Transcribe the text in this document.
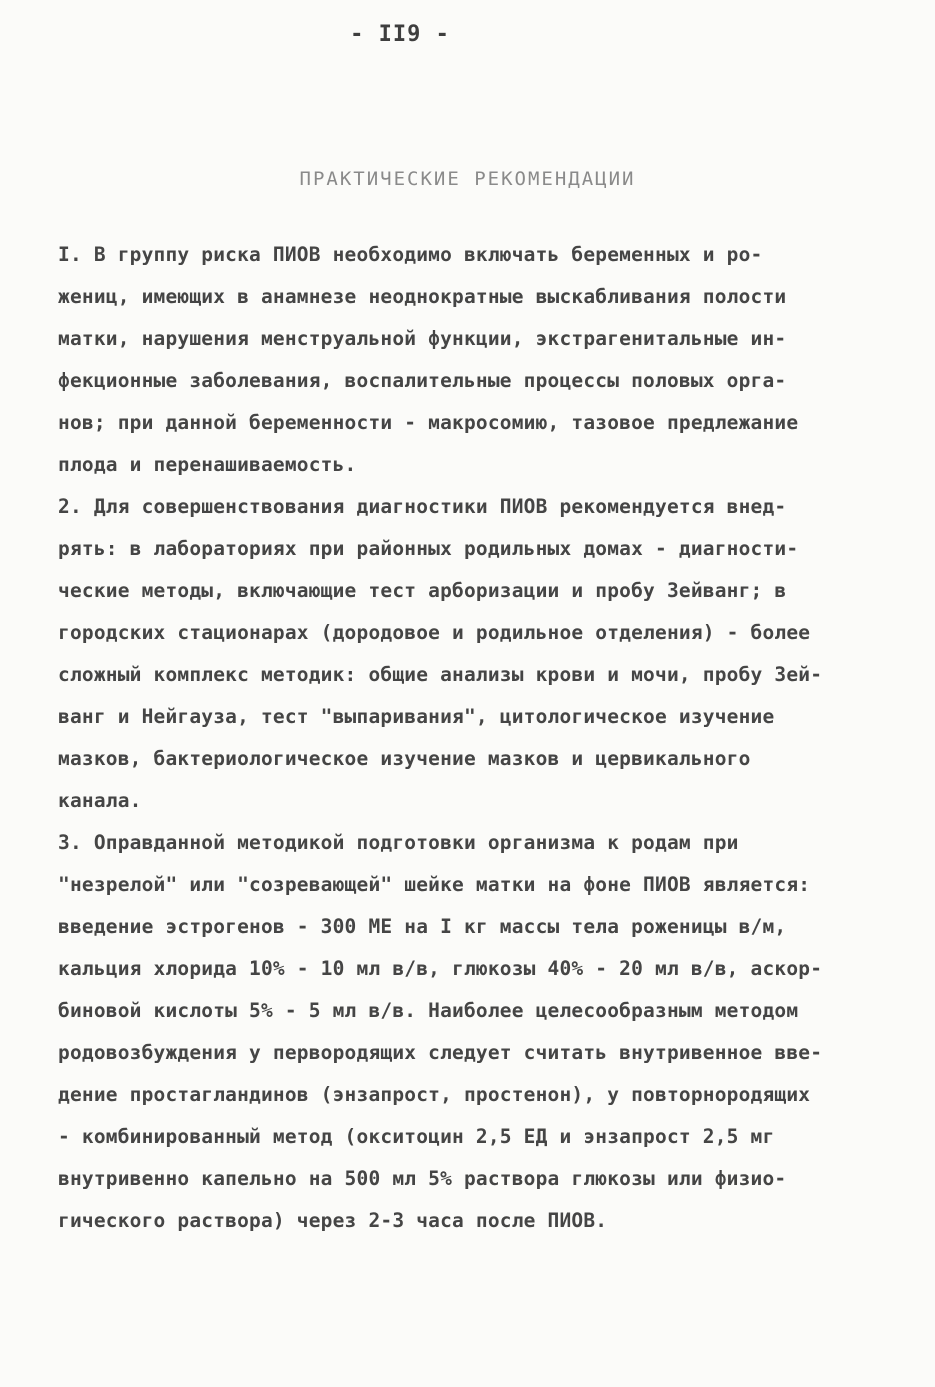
- II9 -
ПРАКТИЧЕСКИЕ РЕКОМЕНДАЦИИ
I. В группу риска ПИОВ необходимо включать беременных и ро-
жениц, имеющих в анамнезе неоднократные выскабливания полости
матки, нарушения менструальной функции, экстрагенитальные ин-
фекционные заболевания, воспалительные процессы половых орга-
нов; при данной беременности - макросомию, тазовое предлежание
плода и перенашиваемость.
2. Для совершенствования диагностики ПИОВ рекомендуется внед-
рять: в лабораториях при районных родильных домах - диагности-
ческие методы, включающие тест арборизации и пробу Зейванг; в
городских стационарах (дородовое и родильное отделения) - более
сложный комплекс методик: общие анализы крови и мочи, пробу Зей-
ванг и Нейгауза, тест "выпаривания", цитологическое изучение
мазков, бактериологическое изучение мазков и цервикального
канала.
3. Оправданной методикой подготовки организма к родам при
"незрелой" или "созревающей" шейке матки на фоне ПИОВ является:
введение эстрогенов - 300 МЕ на I кг массы тела роженицы в/м,
кальция хлорида 10% - 10 мл в/в, глюкозы 40% - 20 мл в/в, аскор-
биновой кислоты 5% - 5 мл в/в. Наиболее целесообразным методом
родовозбуждения у первородящих следует считать внутривенное вве-
дение простагландинов (энзапрост, простенон), у повторнородящих
- комбинированный метод (окситоцин 2,5 ЕД и энзапрост 2,5 мг
внутривенно капельно на 500 мл 5% раствора глюкозы или физио-
гического раствора) через 2-3 часа после ПИОВ.
